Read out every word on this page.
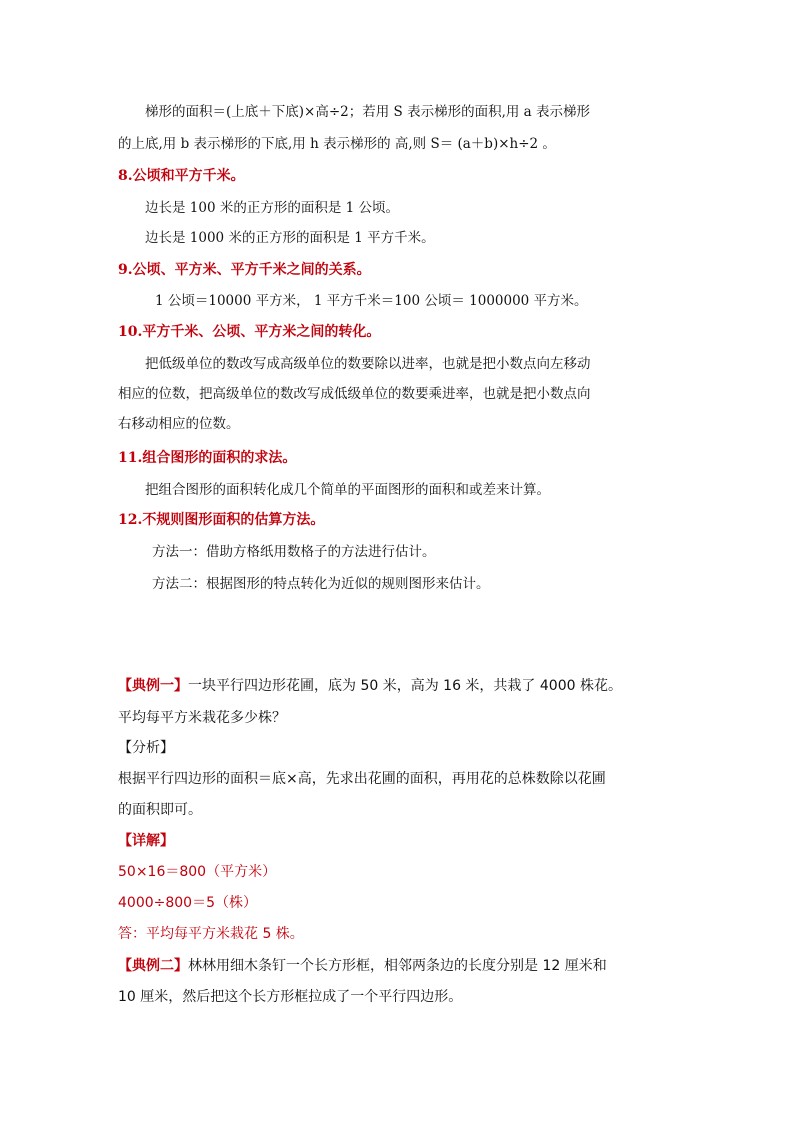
梯形的面积＝(上底＋下底)×高÷2；若用 S 表示梯形的面积,用 a 表示梯形
的上底,用 b 表示梯形的下底,用 h 表示梯形的 高,则 S＝ (a＋b)×h÷2 。
8.公顷和平方千米。
边长是 100 米的正方形的面积是 1 公顷。
边长是 1000 米的正方形的面积是 1 平方千米。
9.公顷、平方米、平方千米之间的关系。
1 公顷＝10000 平方米， 1 平方千米＝100 公顷＝ 1000000 平方米。
10.平方千米、公顷、平方米之间的转化。
把低级单位的数改写成高级单位的数要除以进率，也就是把小数点向左移动
相应的位数，把高级单位的数改写成低级单位的数要乘进率，也就是把小数点向
右移动相应的位数。
11.组合图形的面积的求法。
把组合图形的面积转化成几个简单的平面图形的面积和或差来计算。
12.不规则图形面积的估算方法。
方法一：借助方格纸用数格子的方法进行估计。
方法二：根据图形的特点转化为近似的规则图形来估计。
【典例一】一块平行四边形花圃，底为 50 米，高为 16 米，共栽了 4000 株花。
平均每平方米栽花多少株？
【分析】
根据平行四边形的面积＝底×高，先求出花圃的面积，再用花的总株数除以花圃
的面积即可。
【详解】
50×16＝800（平方米）
4000÷800＝5（株）
答：平均每平方米栽花 5 株。
【典例二】林林用细木条钉一个长方形框，相邻两条边的长度分别是 12 厘米和
10 厘米，然后把这个长方形框拉成了一个平行四边形。
